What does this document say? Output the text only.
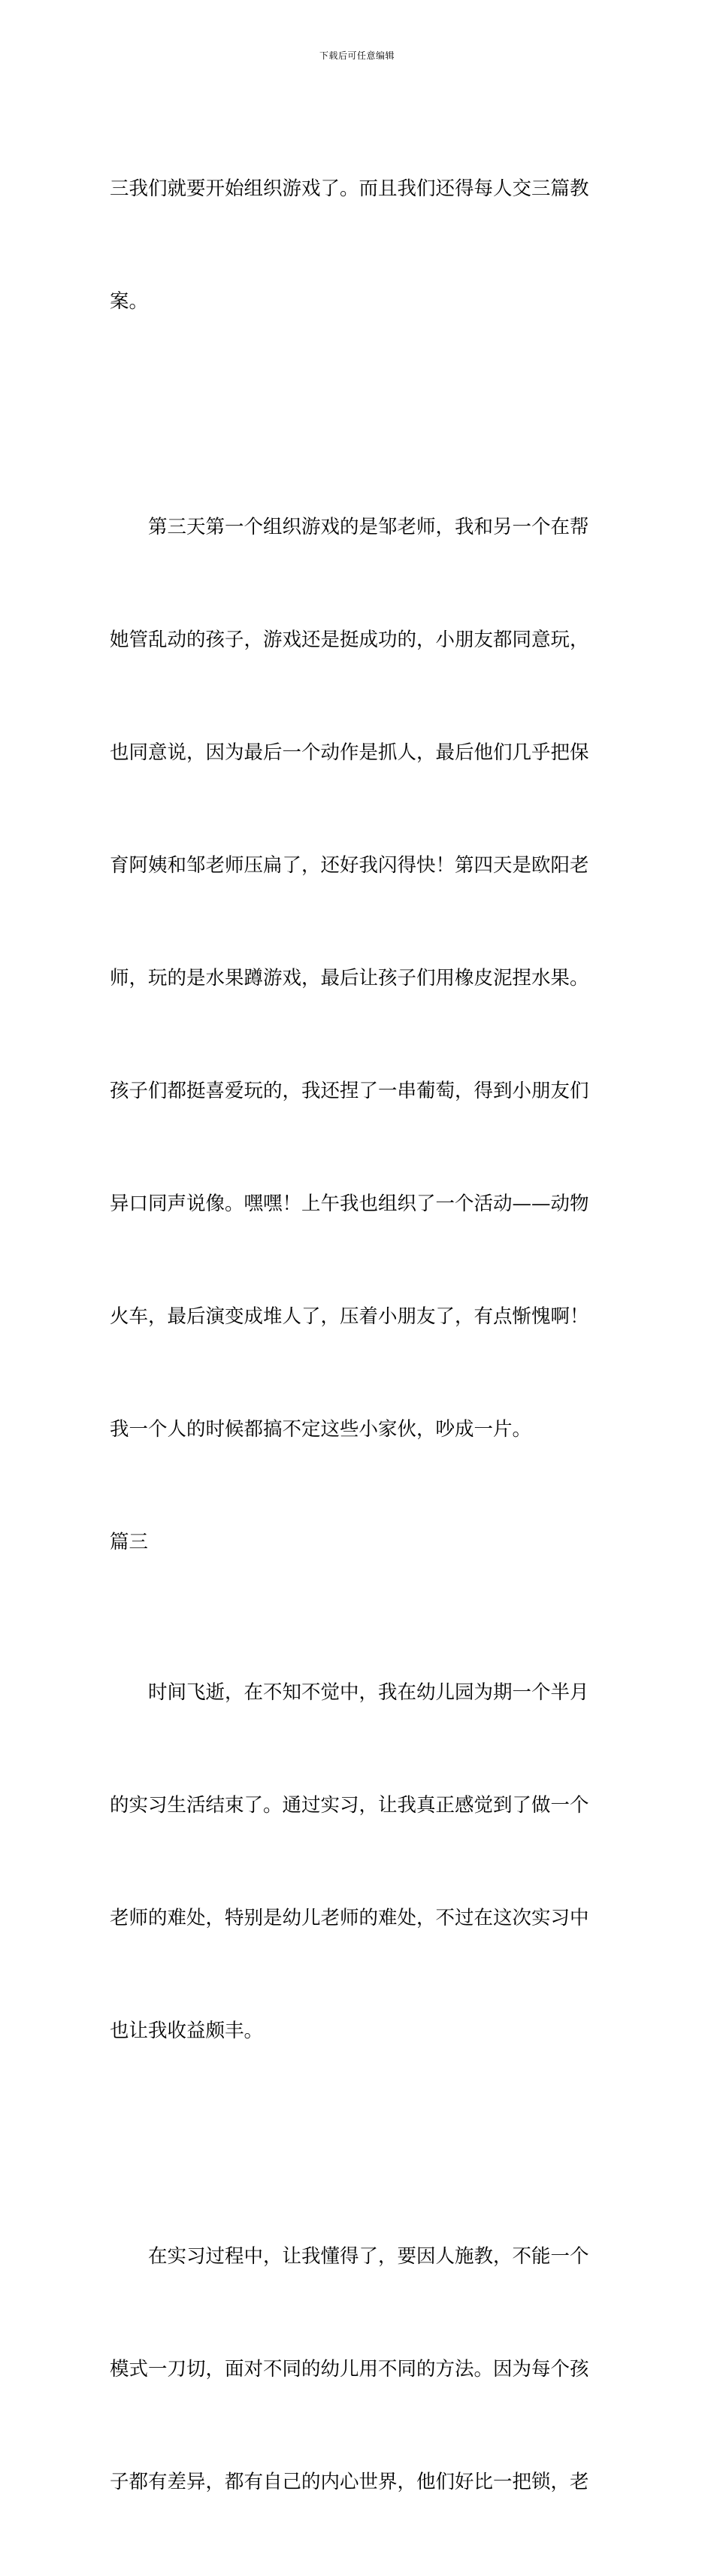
下载后可任意编辑

三我们就要开始组织游戏了。而且我们还得每人交三篇教

案。

　　第三天第一个组织游戏的是邹老师，我和另一个在帮

她管乱动的孩子，游戏还是挺成功的，小朋友都同意玩，

也同意说，因为最后一个动作是抓人，最后他们几乎把保

育阿姨和邹老师压扁了，还好我闪得快！第四天是欧阳老

师，玩的是水果蹲游戏，最后让孩子们用橡皮泥捏水果。

孩子们都挺喜爱玩的，我还捏了一串葡萄，得到小朋友们

异口同声说像。嘿嘿！上午我也组织了一个活动——动物

火车，最后演变成堆人了，压着小朋友了，有点惭愧啊！

我一个人的时候都搞不定这些小家伙，吵成一片。

篇三

　　时间飞逝，在不知不觉中，我在幼儿园为期一个半月

的实习生活结束了。通过实习，让我真正感觉到了做一个

老师的难处，特别是幼儿老师的难处，不过在这次实习中

也让我收益颇丰。

　　在实习过程中，让我懂得了，要因人施教，不能一个

模式一刀切，面对不同的幼儿用不同的方法。因为每个孩

子都有差异，都有自己的内心世界，他们好比一把锁，老
